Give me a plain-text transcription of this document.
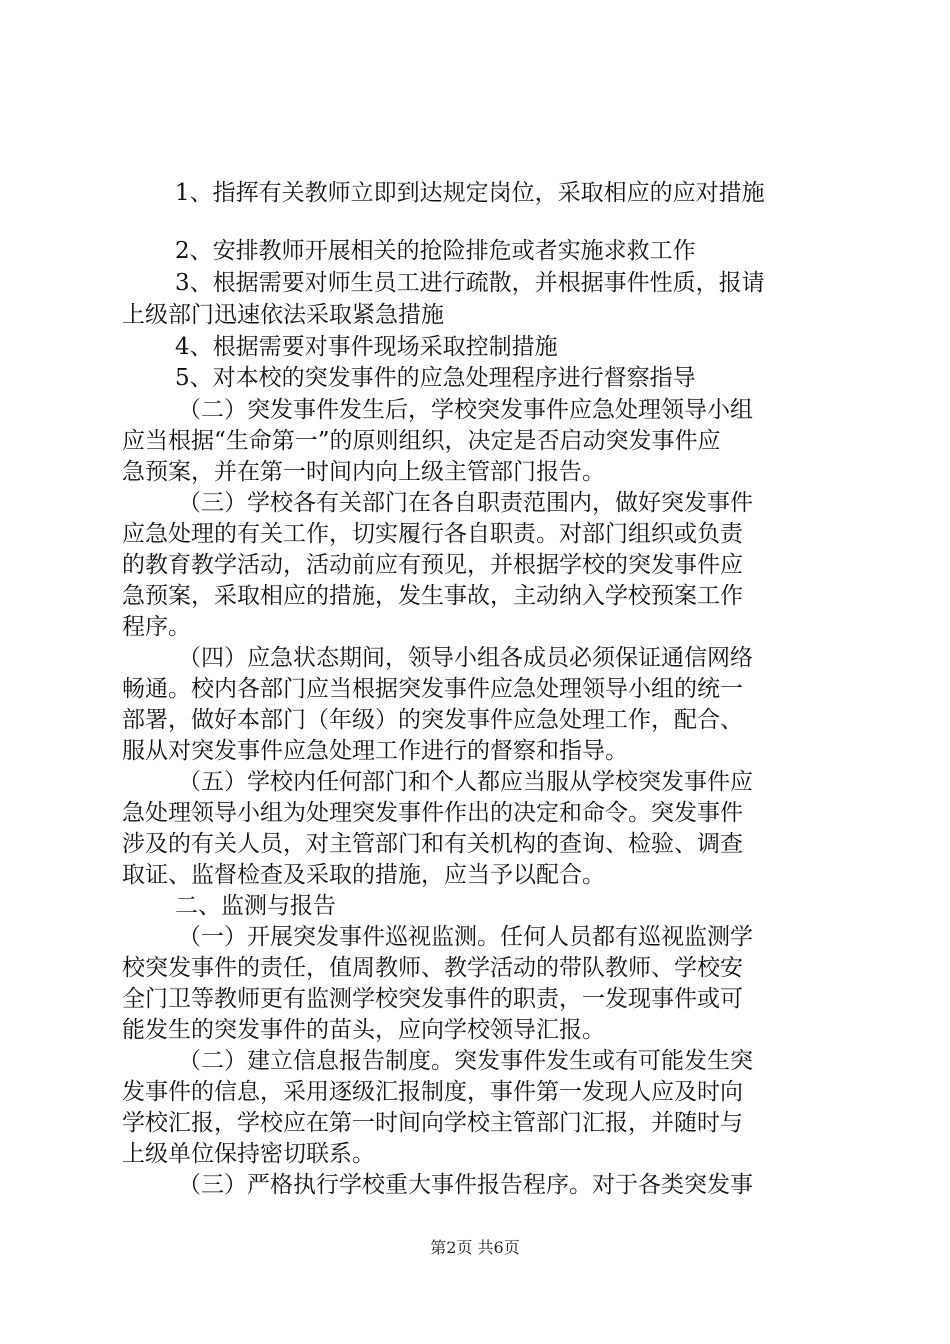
1、指挥有关教师立即到达规定岗位，采取相应的应对措施
2、安排教师开展相关的抢险排危或者实施求救工作
3、根据需要对师生员工进行疏散，并根据事件性质，报请
上级部门迅速依法采取紧急措施
4、根据需要对事件现场采取控制措施
5、对本校的突发事件的应急处理程序进行督察指导
（二）突发事件发生后，学校突发事件应急处理领导小组
应当根据“生命第一”的原则组织，决定是否启动突发事件应
急预案，并在第一时间内向上级主管部门报告。
（三）学校各有关部门在各自职责范围内，做好突发事件
应急处理的有关工作，切实履行各自职责。对部门组织或负责
的教育教学活动，活动前应有预见，并根据学校的突发事件应
急预案，采取相应的措施，发生事故，主动纳入学校预案工作
程序。
（四）应急状态期间，领导小组各成员必须保证通信网络
畅通。校内各部门应当根据突发事件应急处理领导小组的统一
部署，做好本部门（年级）的突发事件应急处理工作，配合、
服从对突发事件应急处理工作进行的督察和指导。
（五）学校内任何部门和个人都应当服从学校突发事件应
急处理领导小组为处理突发事件作出的决定和命令。突发事件
涉及的有关人员，对主管部门和有关机构的查询、检验、调查
取证、监督检查及采取的措施，应当予以配合。
二、监测与报告
（一）开展突发事件巡视监测。任何人员都有巡视监测学
校突发事件的责任，值周教师、教学活动的带队教师、学校安
全门卫等教师更有监测学校突发事件的职责，一发现事件或可
能发生的突发事件的苗头，应向学校领导汇报。
（二）建立信息报告制度。突发事件发生或有可能发生突
发事件的信息，采用逐级汇报制度，事件第一发现人应及时向
学校汇报，学校应在第一时间向学校主管部门汇报，并随时与
上级单位保持密切联系。
（三）严格执行学校重大事件报告程序。对于各类突发事
第2页 共6页
